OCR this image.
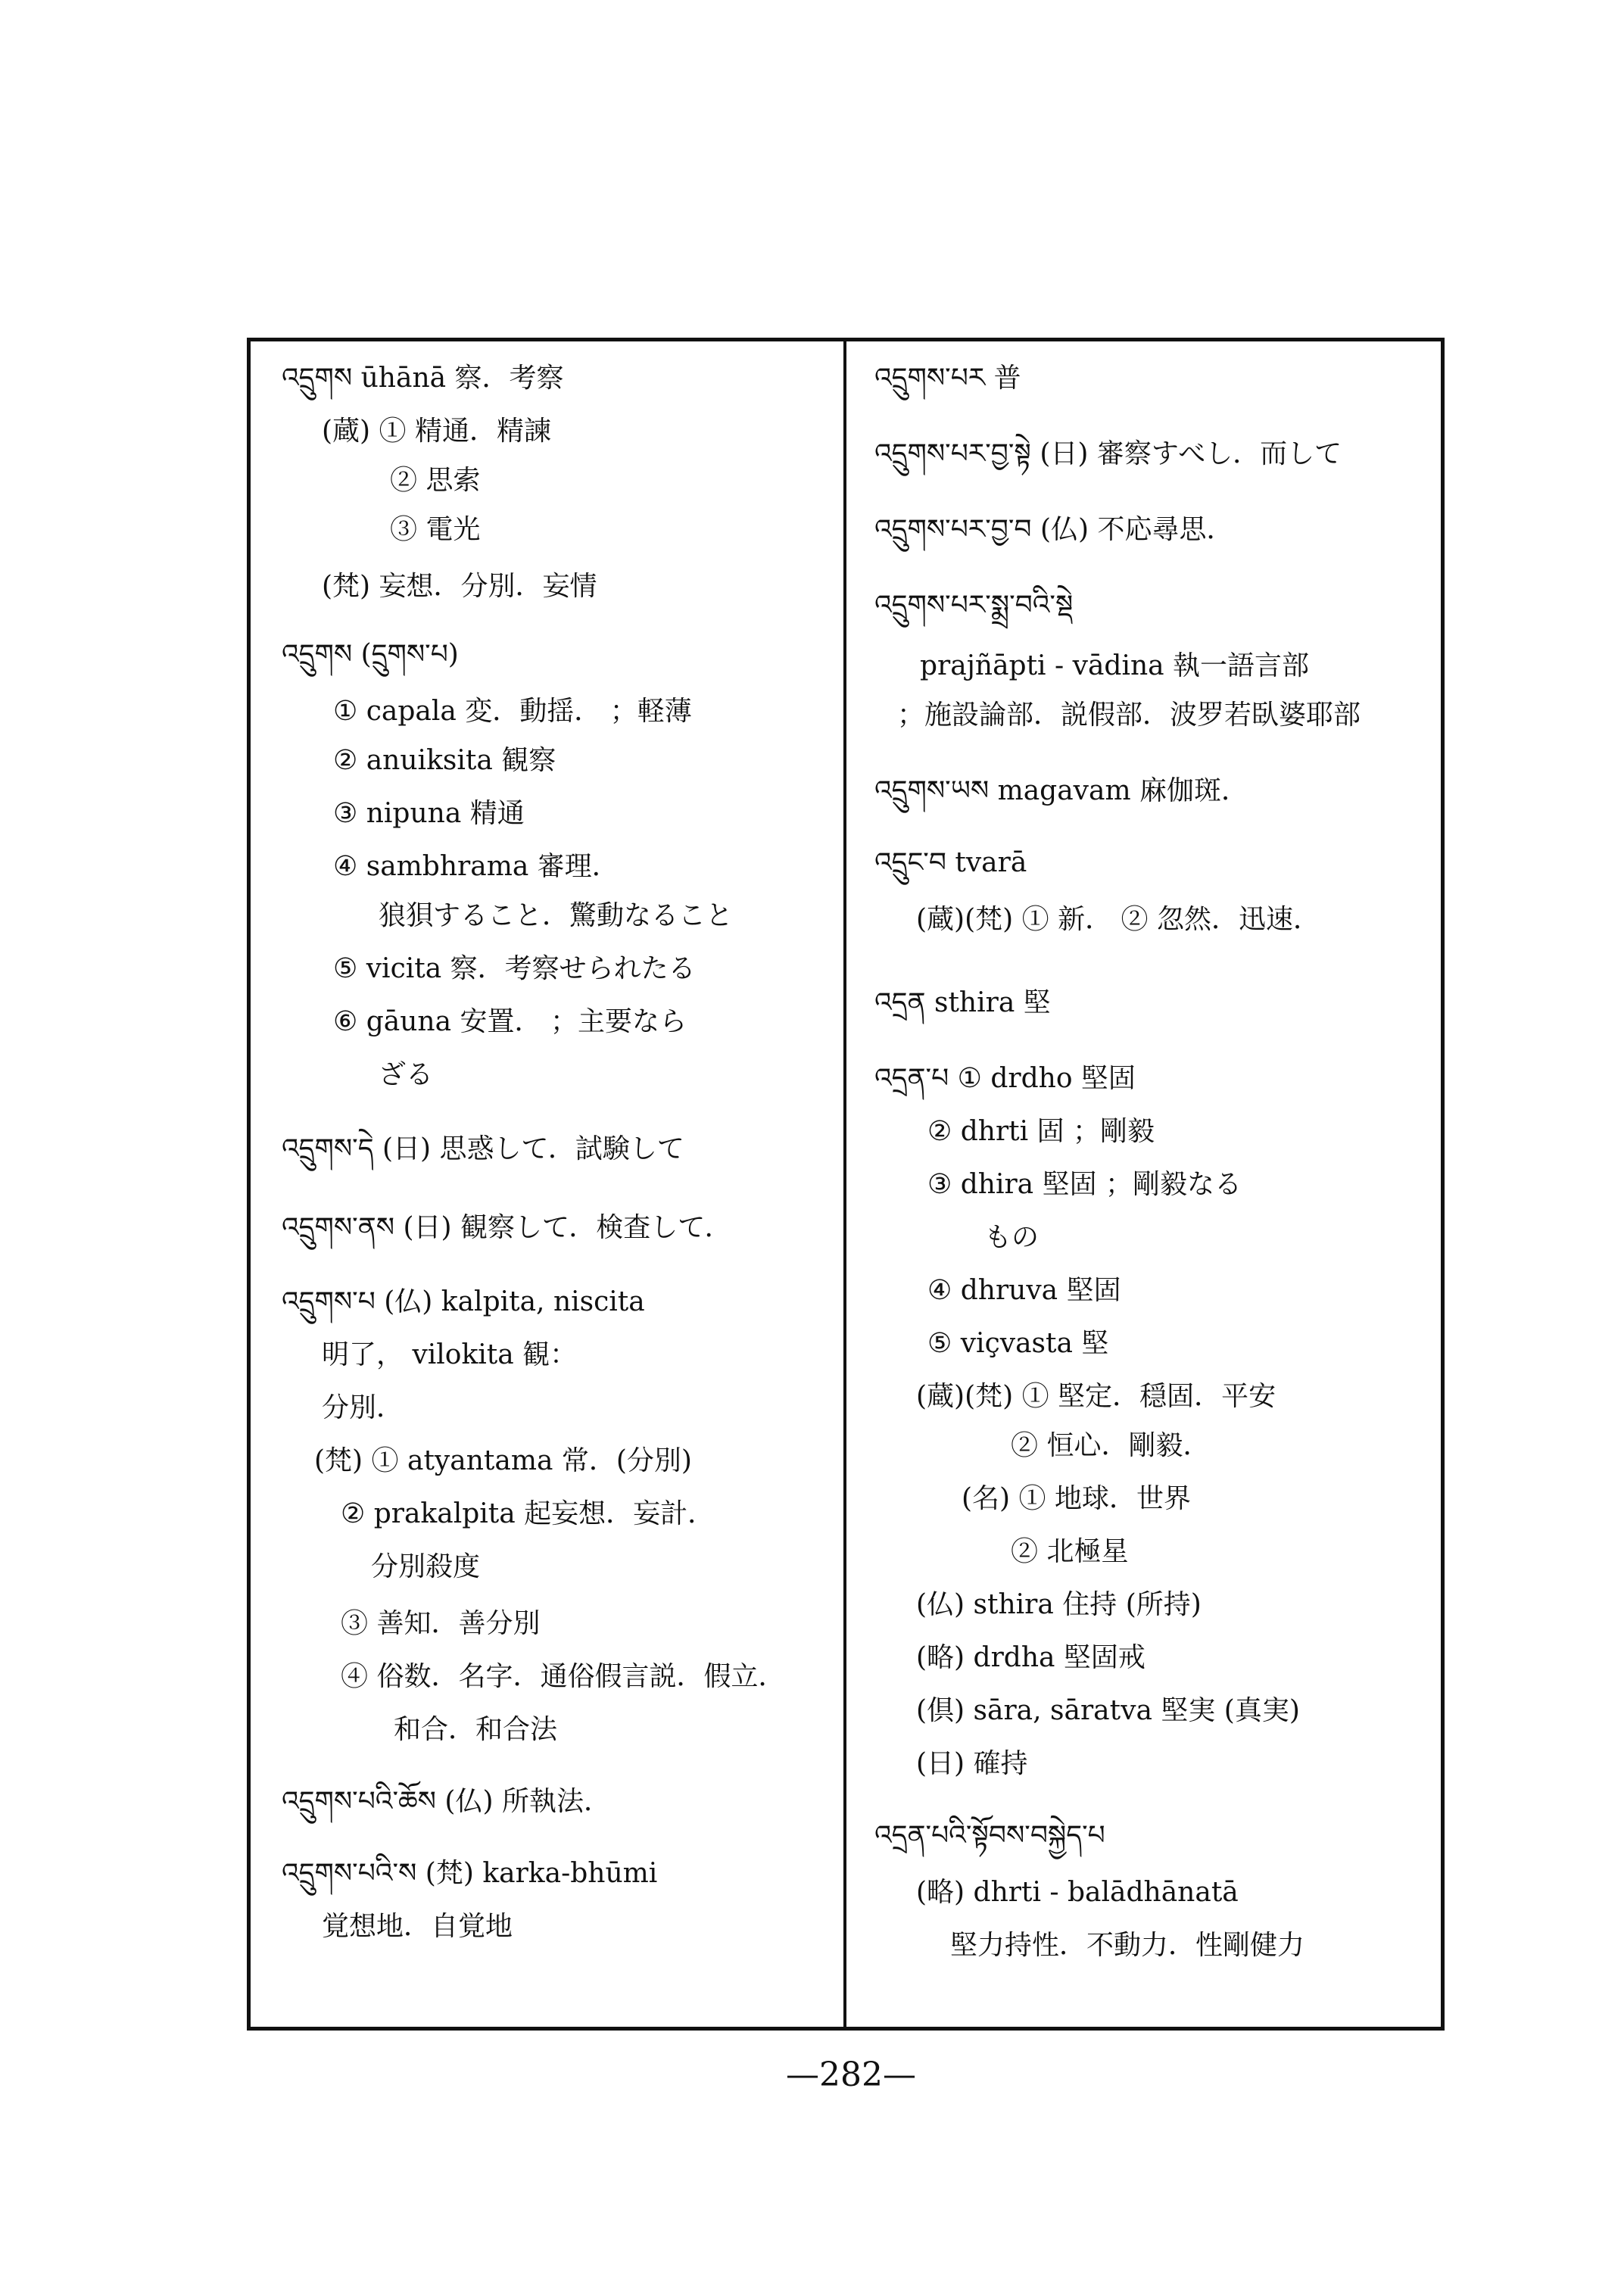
—282—
འདྲུགས ūhānā 察．考察
(蔵) ① 精通．精諫
② 思索
③ 電光
(梵) 妄想．分別．妄情
འདྲུགས (དྲུགས་པ)
① capala 変．動揺． ；軽薄
② anuiksita 観察
③ nipuna 精通
④ sambhrama 審理．
狼狽すること．驚動なること
⑤ vicita 察．考察せられたる
⑥ gāuna 安置． ；主要なら
ざる
འདྲུགས་དེ (日) 思惑して．試験して
འདྲུགས་ནས (日) 観察して．検査して．
འདྲུགས་པ (仏) kalpita, niscita
明了， vilokita 観：
分別．
(梵) ① atyantama 常．(分別)
② prakalpita 起妄想．妄計．
分別殺度
③ 善知．善分別
④ 俗数．名字．通俗假言説．假立．
和合．和合法
འདྲུགས་པའི་ཆོས (仏) 所執法．
འདྲུགས་པའི་ས (梵) karka-bhūmi
覚想地．自覚地
འདྲུགས་པར 普
འདྲུགས་པར་བྱ་སྟེ (日) 審察すべし．而して
འདྲུགས་པར་བྱ་བ (仏) 不応尋思．
འདྲུགས་པར་སྨྲ་བའི་སྡེ
prajñāpti - vādina 執一語言部
；施設論部．説假部．波罗若臥婆耶部
འདྲུགས་ཡས magavam 麻伽斑．
འདྲུང་བ tvarā
(蔵)(梵) ① 新． ② 忽然．迅速．
འདྲན sthira 堅
འདྲན་པ ① drdho 堅固
② dhrti 固 ；剛毅
③ dhira 堅固 ；剛毅なる
もの
④ dhruva 堅固
⑤ viçvasta 堅
(蔵)(梵) ① 堅定．穏固．平安
② 恒心．剛毅．
(名) ① 地球．世界
② 北極星
(仏) sthira 住持 (所持)
(略) drdha 堅固戒
(倶) sāra, sāratva 堅実 (真実)
(日) 確持
འདྲན་པའི་སྟོབས་བསྐྱེད་པ
(略) dhrti - balādhānatā
堅力持性．不動力．性剛健力
